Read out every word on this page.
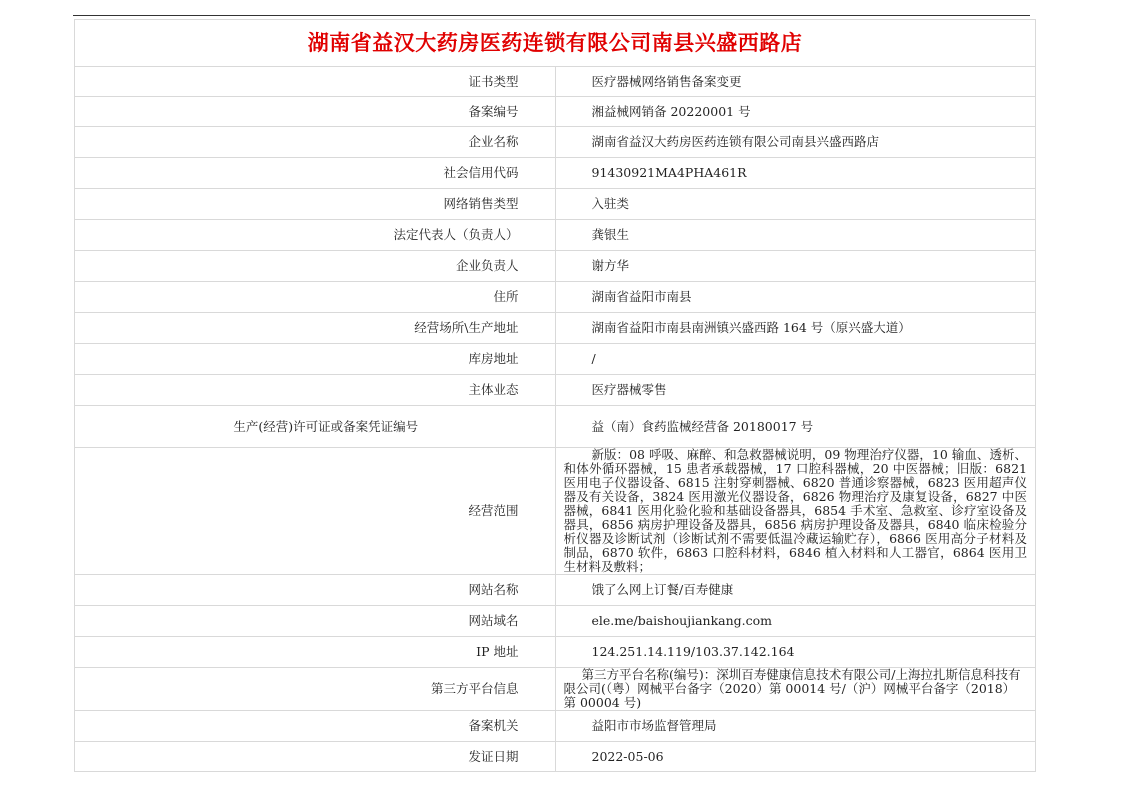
湖南省益汉大药房医药连锁有限公司南县兴盛西路店	
证书类型	医疗器械网络销售备案变更
备案编号	湘益械网销备 20220001 号
企业名称	湖南省益汉大药房医药连锁有限公司南县兴盛西路店
社会信用代码	91430921MA4PHA461R
网络销售类型	入驻类
法定代表人（负责人）	龚银生
企业负责人	谢方华
住所	湖南省益阳市南县
经营场所\生产地址	湖南省益阳市南县南洲镇兴盛西路 164 号（原兴盛大道）
库房地址	/
主体业态	医疗器械零售
生产(经营)许可证或备案凭证编号	益（南）食药监械经营备 20180017 号
经营范围	新版：08 呼吸、麻醉、和急救器械说明，09 物理治疗仪器，10 输血、透析、和体外循环器械，15 患者承载器械，17 口腔科器械，20 中医器械；旧版：6821 医用电子仪器设备、6815 注射穿刺器械、6820 普通诊察器械，6823 医用超声仪器及有关设备，3824 医用激光仪器设备，6826 物理治疗及康复设备，6827 中医器械，6841 医用化验化验和基础设备器具，6854 手术室、急救室、诊疗室设备及器具，6856 病房护理设备及器具，6856 病房护理设备及器具，6840 临床检验分析仪器及诊断试剂（诊断试剂不需要低温冷藏运输贮存），6866 医用高分子材料及制品，6870 软件，6863 口腔科材料，6846 植入材料和人工器官，6864 医用卫生材料及敷料；
网站名称	饿了么网上订餐/百寿健康
网站域名	ele.me/baishoujiankang.com
IP 地址	124.251.14.119/103.37.142.164
第三方平台信息	第三方平台名称(编号)：深圳百寿健康信息技术有限公司/上海拉扎斯信息科技有限公司(（粤）网械平台备字（2020）第 00014 号/（沪）网械平台备字（2018）第 00004 号)
备案机关	益阳市市场监督管理局
发证日期	2022-05-06
